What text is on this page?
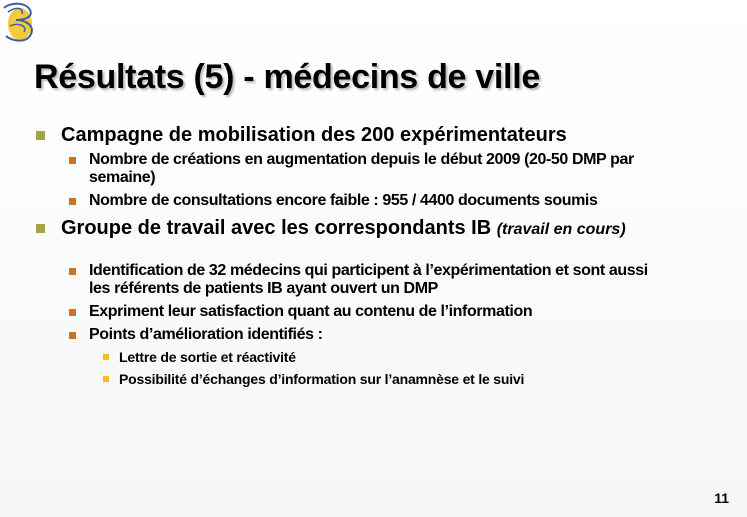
Résultats (5) - médecins de ville
Campagne de mobilisation des 200 expérimentateurs
Nombre de créations en augmentation depuis le début 2009 (20-50 DMP par semaine)
Nombre de consultations encore faible : 955 / 4400 documents soumis
Groupe de travail avec les correspondants IB (travail en cours)
Identification de 32 médecins qui participent à l’expérimentation et sont aussi les référents de patients IB ayant ouvert un DMP
Expriment leur satisfaction quant au contenu de l’information
Points d’amélioration identifiés :
Lettre de sortie et réactivité
Possibilité d’échanges d’information sur l’anamnèse et le suivi
11
